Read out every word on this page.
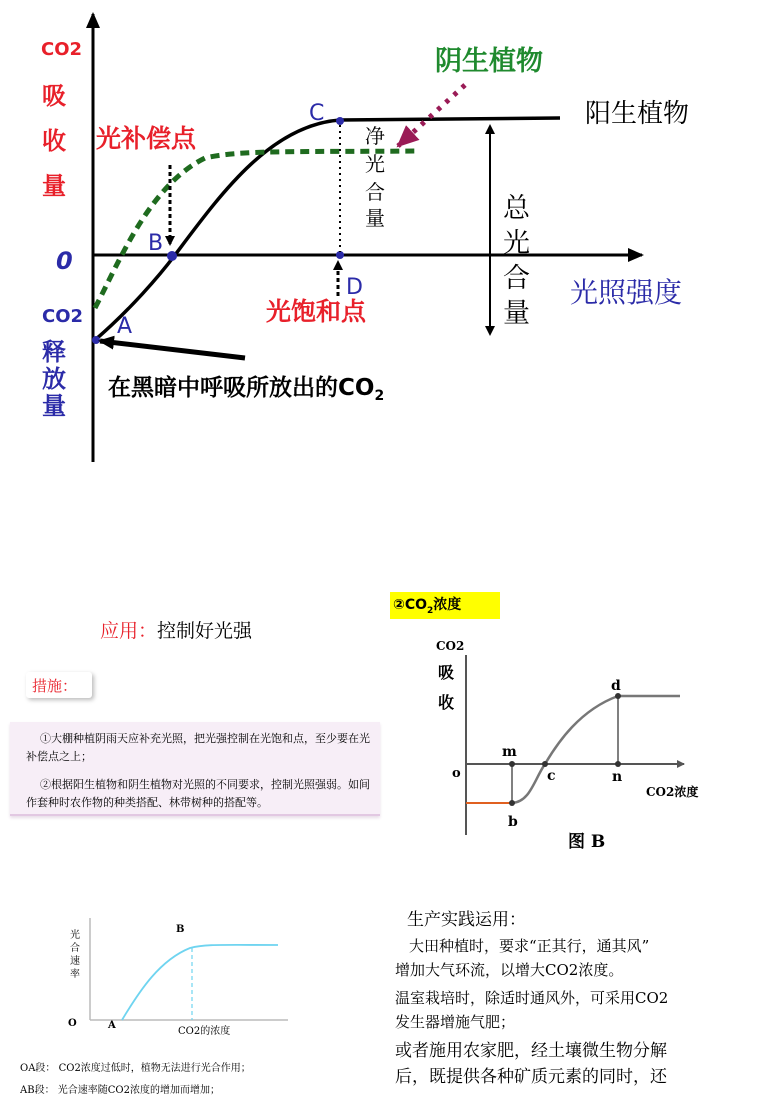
CO2
吸
收
量
0
CO2
释
放
量
A
B
C
D
光补偿点
光饱和点
阴生植物
阳生植物
光照强度
净
光
合
量	总
光
合
量
在黑暗中呼吸所放出的$CO_2$
应用：控制好光强
措施：

①大棚种植阴雨天应补充光照，把光强控制在光饱和点，至少要在光补偿点之上；

②根据阳生植物和阴生植物对光照的不同要求，控制光照强弱。如间作套种时农作物的种类搭配、林带树种的搭配等。

$②CO_2$浓度
CO2
吸
收
o
m
b
c	n
d
CO2浓度
图 B
光
合
速
率
O	A
B
CO2的浓度

OA段： CO2浓度过低时，植物无法进行光合作用；

AB段： 光合速率随CO2浓度的增加而增加；

生产实践运用：

大田种植时，要求“正其行，通其风”

增加大气环流，以增大CO2浓度。

温室栽培时，除适时通风外，可采用CO2

发生器增施气肥；

或者施用农家肥，经土壤微生物分解

后，既提供各种矿质元素的同时，还
